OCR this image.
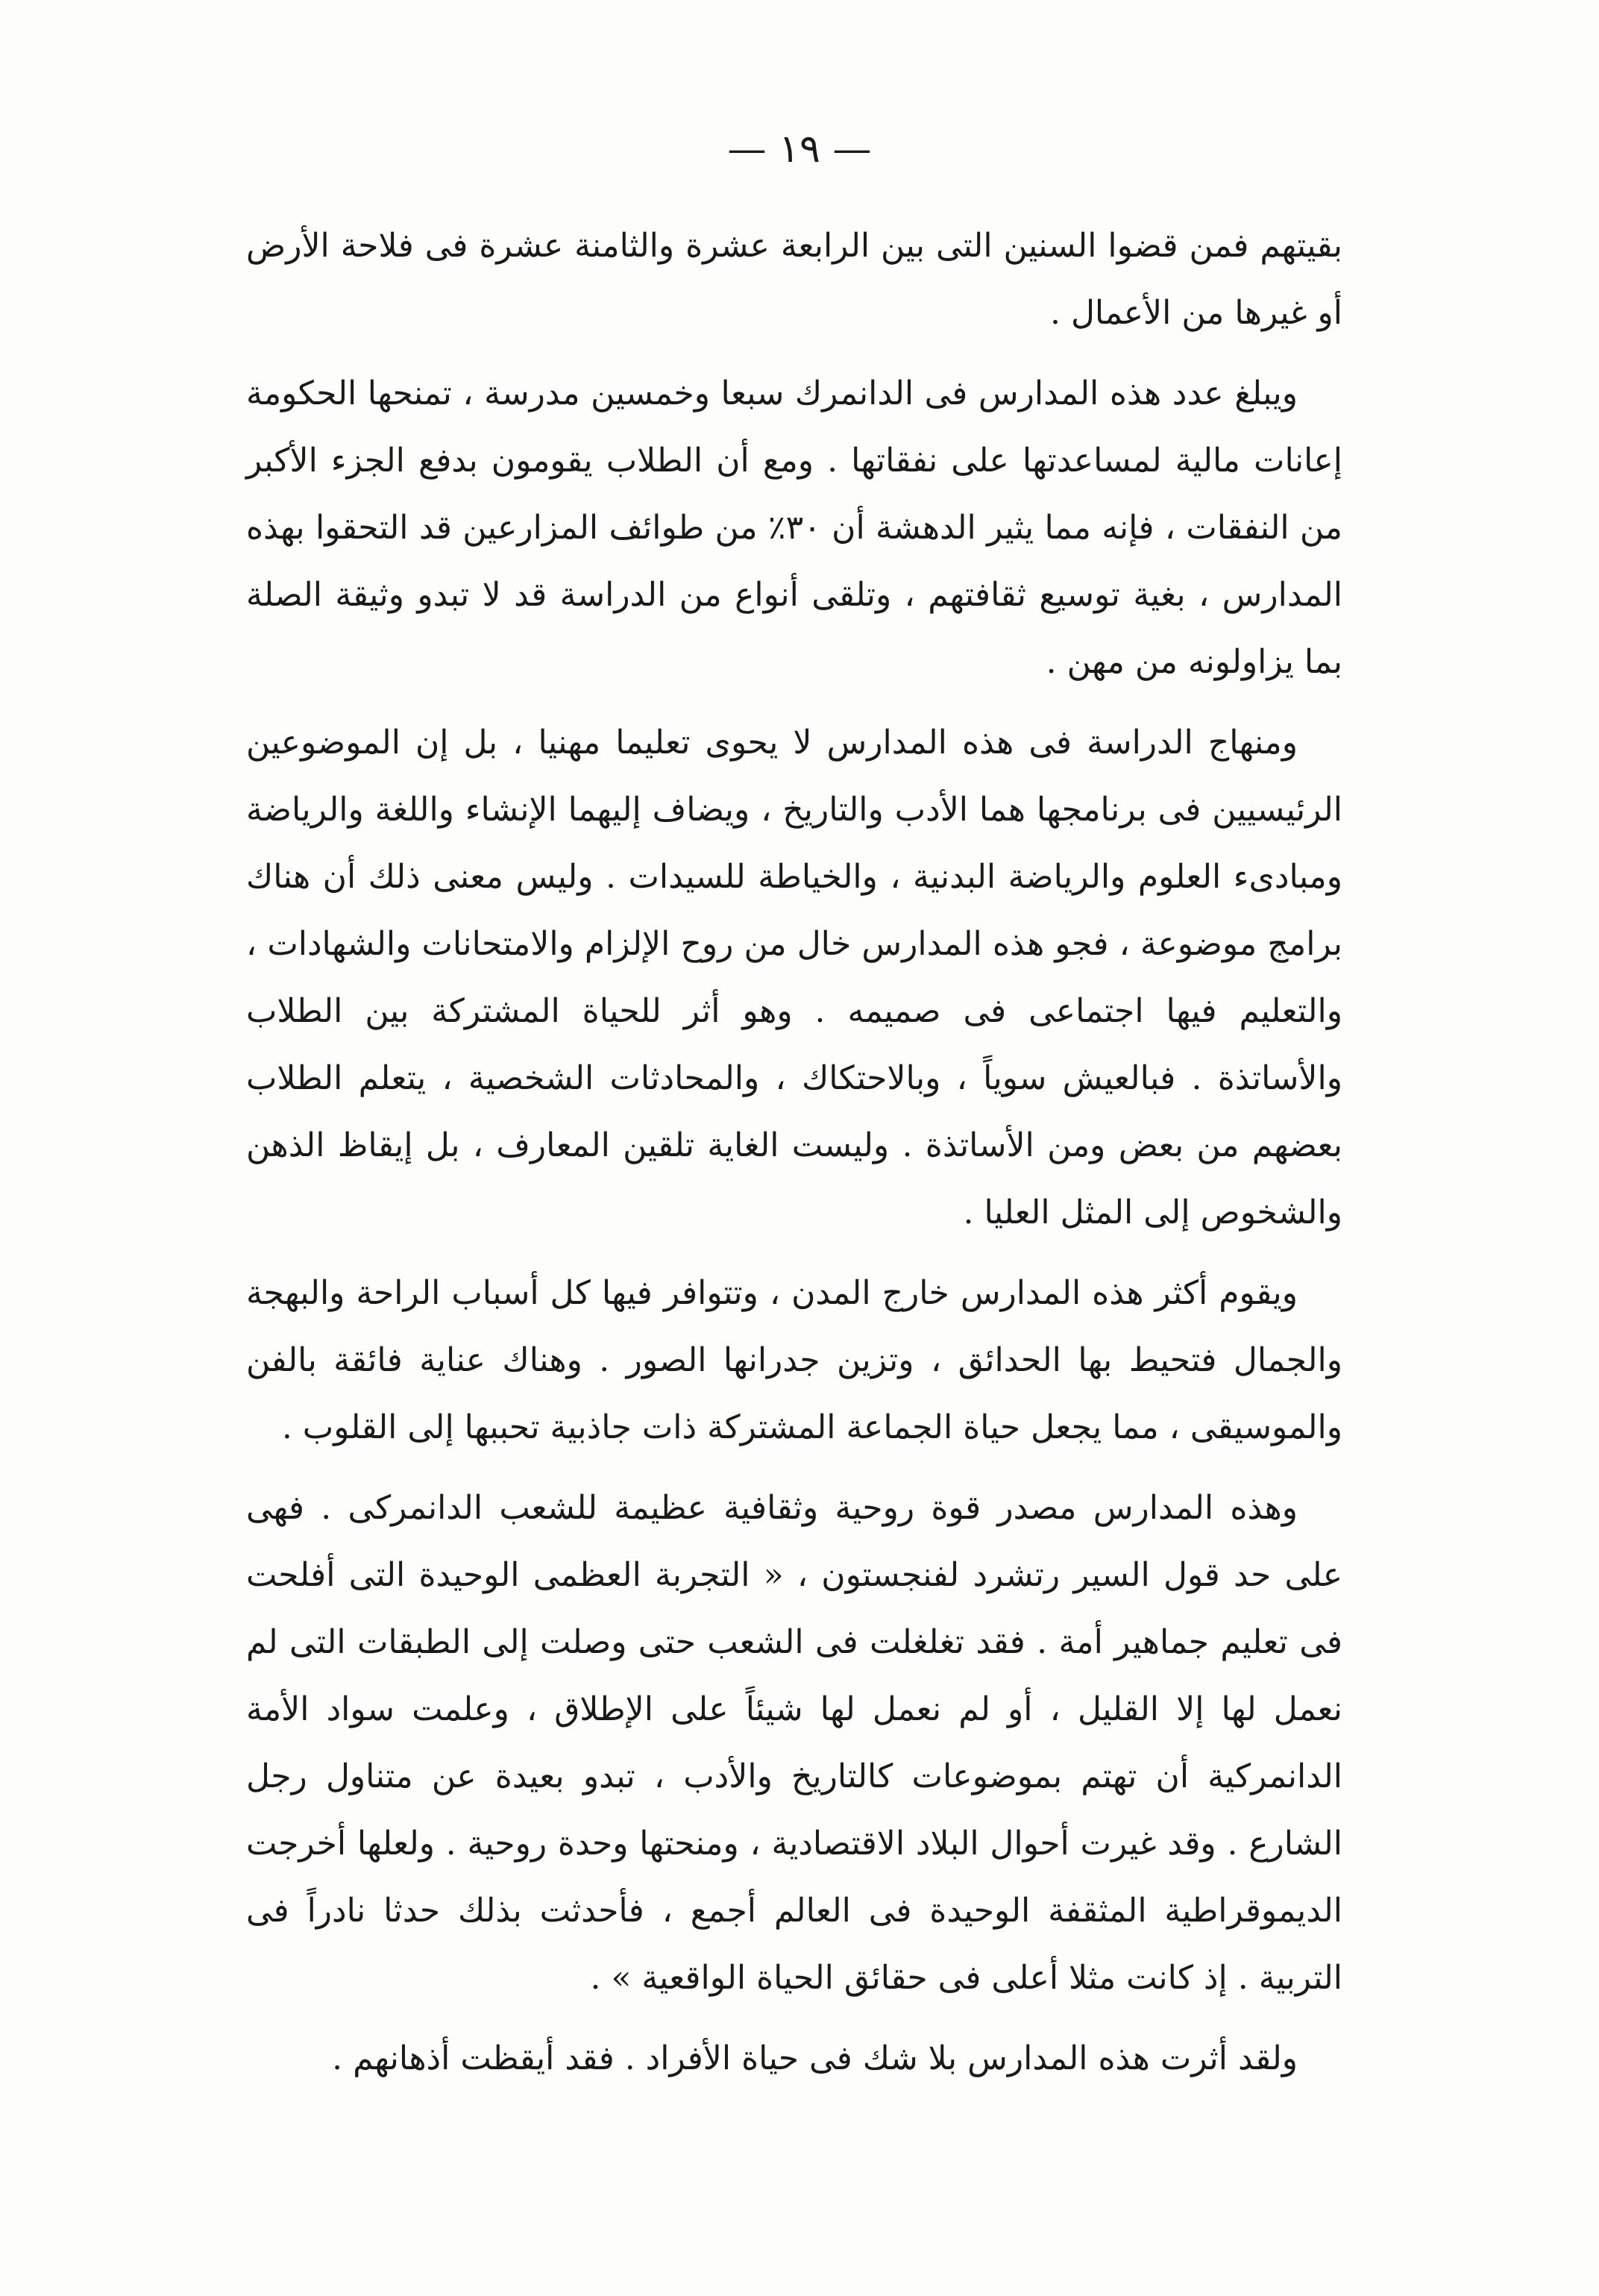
— ١٩ —

بقيتهم فمن قضوا السنين التى بين الرابعة عشرة والثامنة عشرة فى فلاحة الأرض أو غيرها من الأعمال .

ويبلغ عدد هذه المدارس فى الدانمرك سبعا وخمسين مدرسة ، تمنحها الحكومة إعانات مالية لمساعدتها على نفقاتها . ومع أن الطلاب يقومون بدفع الجزء الأكبر من النفقات ، فإنه مما يثير الدهشة أن ٣٠٪ من طوائف المزارعين قد التحقوا بهذه المدارس ، بغية توسيع ثقافتهم ، وتلقى أنواع من الدراسة قد لا تبدو وثيقة الصلة بما يزاولونه من مهن .

ومنهاج الدراسة فى هذه المدارس لا يحوى تعليما مهنيا ، بل إن الموضوعين الرئيسيين فى برنامجها هما الأدب والتاريخ ، ويضاف إليهما الإنشاء واللغة والرياضة ومبادىء العلوم والرياضة البدنية ، والخياطة للسيدات . وليس معنى ذلك أن هناك برامج موضوعة ، فجو هذه المدارس خال من روح الإلزام والامتحانات والشهادات ، والتعليم فيها اجتماعى فى صميمه . وهو أثر للحياة المشتركة بين الطلاب والأساتذة . فبالعيش سوياً ، وبالاحتكاك ، والمحادثات الشخصية ، يتعلم الطلاب بعضهم من بعض ومن الأساتذة . وليست الغاية تلقين المعارف ، بل إيقاظ الذهن والشخوص إلى المثل العليا .

ويقوم أكثر هذه المدارس خارج المدن ، وتتوافر فيها كل أسباب الراحة والبهجة والجمال فتحيط بها الحدائق ، وتزين جدرانها الصور . وهناك عناية فائقة بالفن والموسيقى ، مما يجعل حياة الجماعة المشتركة ذات جاذبية تحببها إلى القلوب .

وهذه المدارس مصدر قوة روحية وثقافية عظيمة للشعب الدانمركى . فهى على حد قول السير رتشرد لفنجستون ، « التجربة العظمى الوحيدة التى أفلحت فى تعليم جماهير أمة . فقد تغلغلت فى الشعب حتى وصلت إلى الطبقات التى لم نعمل لها إلا القليل ، أو لم نعمل لها شيئاً على الإطلاق ، وعلمت سواد الأمة الدانمركية أن تهتم بموضوعات كالتاريخ والأدب ، تبدو بعيدة عن متناول رجل الشارع . وقد غيرت أحوال البلاد الاقتصادية ، ومنحتها وحدة روحية . ولعلها أخرجت الديموقراطية المثقفة الوحيدة فى العالم أجمع ، فأحدثت بذلك حدثا نادراً فى التربية . إذ كانت مثلا أعلى فى حقائق الحياة الواقعية » .

ولقد أثرت هذه المدارس بلا شك فى حياة الأفراد . فقد أيقظت أذهانهم .
